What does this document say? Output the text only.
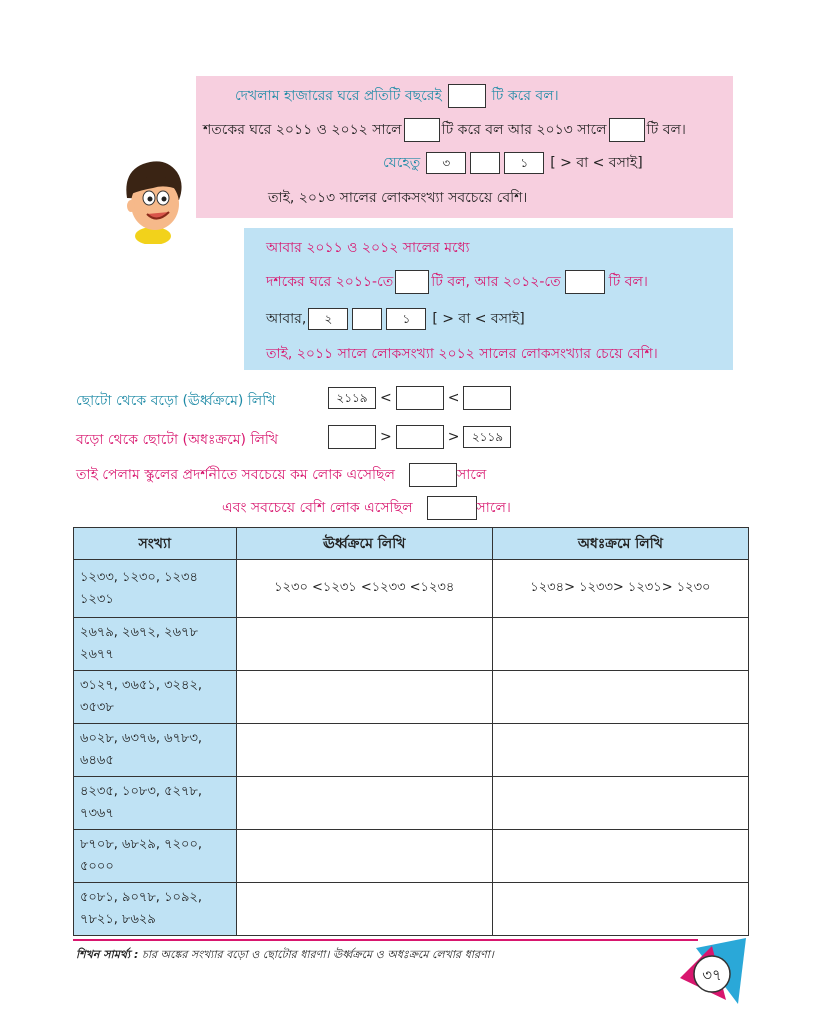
দেখলাম হাজারের ঘরে প্রতিটি বছরেই	টি করে বল।
শতকের ঘরে ২০১১ ও ২০১২ সালে	টি করে বল আর ২০১৩ সালে	টি বল।
যেহেতু	৩	১	[ > বা < বসাই]
তাই, ২০১৩ সালের লোকসংখ্যা সবচেয়ে বেশি।
আবার ২০১১ ও ২০১২ সালের মধ্যে
দশকের ঘরে ২০১১-তে	টি বল, আর ২০১২-তে	টি বল।
আবার,	২	১	[ > বা < বসাই]
তাই, ২০১১ সালে লোকসংখ্যা ২০১২ সালের লোকসংখ্যার চেয়ে বেশি।
ছোটো থেকে বড়ো (ঊর্ধ্বক্রমে) লিখি	২১১৯ <	<
বড়ো থেকে ছোটো (অধঃক্রমে) লিখি	>	>	২১১৯
তাই পেলাম স্কুলের প্রদর্শনীতে সবচেয়ে কম লোক এসেছিল	সালে
এবং সবচেয়ে বেশি লোক এসেছিল	সালে।
সংখ্যা	ঊর্ধ্বক্রমে লিখি	অধঃক্রমে লিখি
১২৩৩, ১২৩০, ১২৩৪
১২৩১	১২৩০ <১২৩১ <১২৩৩ <১২৩৪	১২৩৪> ১২৩৩> ১২৩১> ১২৩০
২৬৭৯, ২৬৭২, ২৬৭৮
২৬৭৭		
৩১২৭, ৩৬৫১, ৩২৪২,
৩৫৩৮		
৬০২৮, ৬৩৭৬, ৬৭৮৩,
৬৪৬৫		
৪২৩৫, ১০৮৩, ৫২৭৮,
৭৩৬৭		
৮৭০৮, ৬৮২৯, ৭২০০,
৫০০০		
৫০৮১, ৯০৭৮, ১০৯২,
৭৮২১, ৮৬২৯		
শিখন সামর্থ্য : চার অঙ্কের সংখ্যার বড়ো ও ছোটোর ধারণা। ঊর্ধ্বক্রমে ও অধঃক্রমে লেখার ধারণা।
৩৭
